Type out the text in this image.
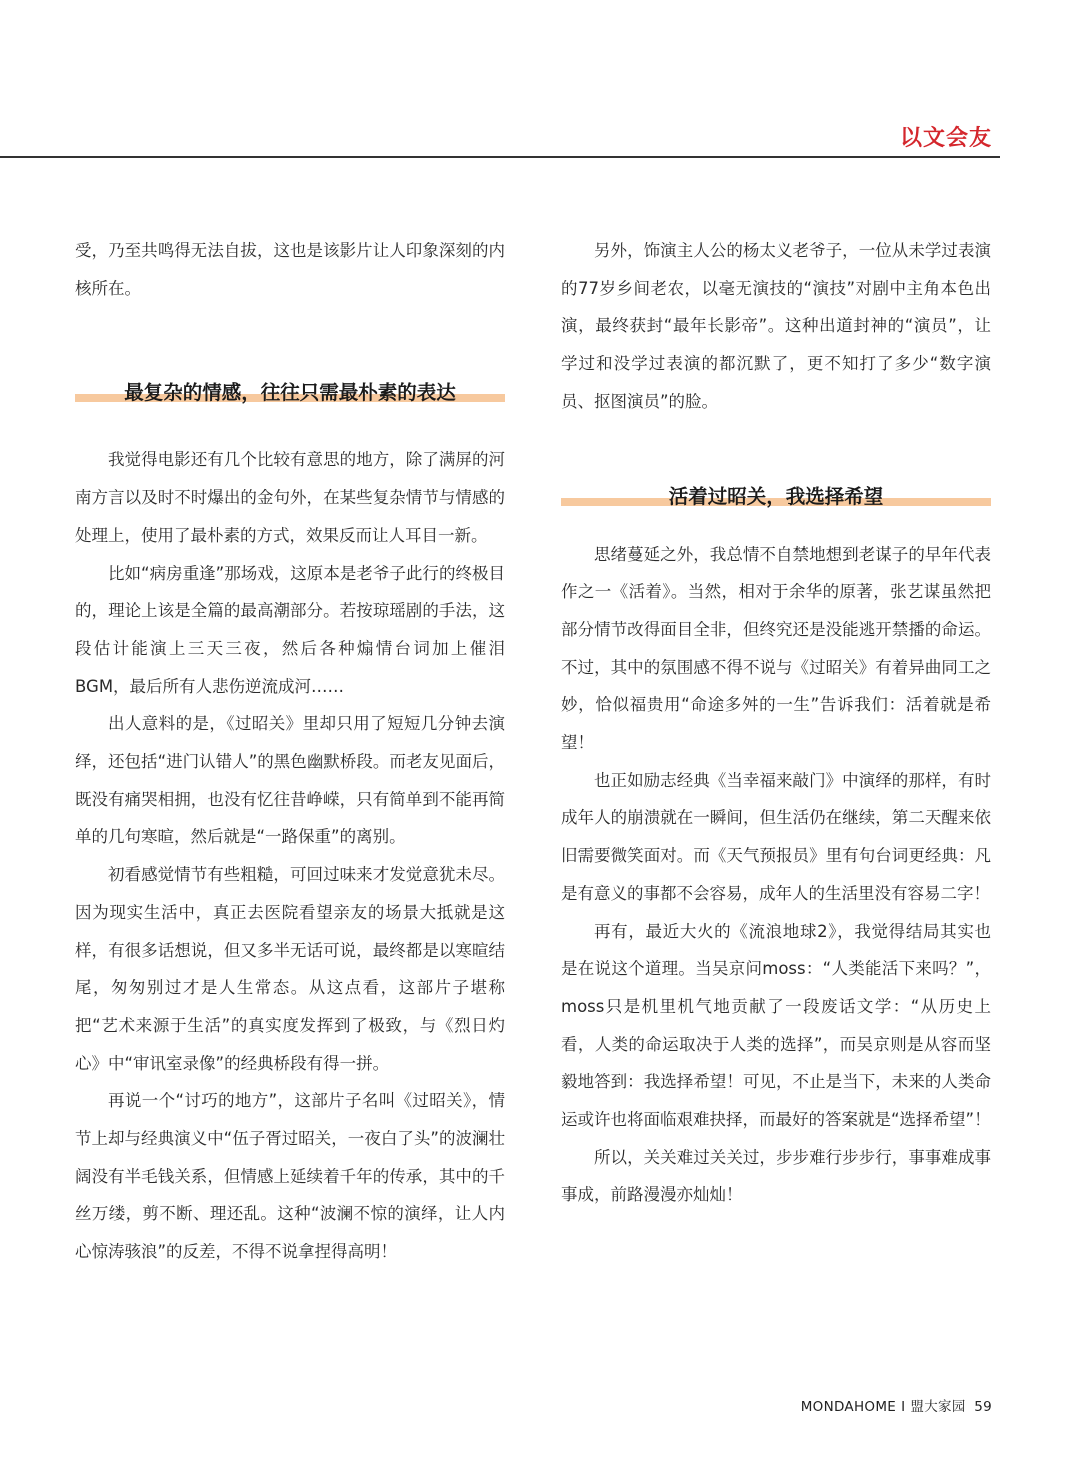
以文会友

受，乃至共鸣得无法自拔，这也是该影片让人印象深刻的内核所在。

最复杂的情感，往往只需最朴素的表达

我觉得电影还有几个比较有意思的地方，除了满屏的河南方言以及时不时爆出的金句外，在某些复杂情节与情感的处理上，使用了最朴素的方式，效果反而让人耳目一新。

比如“病房重逢”那场戏，这原本是老爷子此行的终极目的，理论上该是全篇的最高潮部分。若按琼瑶剧的手法，这段估计能演上三天三夜，然后各种煽情台词加上催泪BGM，最后所有人悲伤逆流成河……

出人意料的是，《过昭关》里却只用了短短几分钟去演绎，还包括“进门认错人”的黑色幽默桥段。而老友见面后，既没有痛哭相拥，也没有忆往昔峥嵘，只有简单到不能再简单的几句寒暄，然后就是“一路保重”的离别。

初看感觉情节有些粗糙，可回过味来才发觉意犹未尽。因为现实生活中，真正去医院看望亲友的场景大抵就是这样，有很多话想说，但又多半无话可说，最终都是以寒暄结尾，匆匆别过才是人生常态。从这点看，这部片子堪称把“艺术来源于生活”的真实度发挥到了极致，与《烈日灼心》中“审讯室录像”的经典桥段有得一拼。

再说一个“讨巧的地方”，这部片子名叫《过昭关》，情节上却与经典演义中“伍子胥过昭关，一夜白了头”的波澜壮阔没有半毛钱关系，但情感上延续着千年的传承，其中的千丝万缕，剪不断、理还乱。这种“波澜不惊的演绎，让人内心惊涛骇浪”的反差，不得不说拿捏得高明！

另外，饰演主人公的杨太义老爷子，一位从未学过表演的77岁乡间老农，以毫无演技的“演技”对剧中主角本色出演，最终获封“最年长影帝”。这种出道封神的“演员”，让学过和没学过表演的都沉默了，更不知打了多少“数字演员、抠图演员”的脸。

活着过昭关，我选择希望

思绪蔓延之外，我总情不自禁地想到老谋子的早年代表作之一《活着》。当然，相对于余华的原著，张艺谋虽然把部分情节改得面目全非，但终究还是没能逃开禁播的命运。不过，其中的氛围感不得不说与《过昭关》有着异曲同工之妙，恰似福贵用“命途多舛的一生”告诉我们：活着就是希望！

也正如励志经典《当幸福来敲门》中演绎的那样，有时成年人的崩溃就在一瞬间，但生活仍在继续，第二天醒来依旧需要微笑面对。而《天气预报员》里有句台词更经典：凡是有意义的事都不会容易，成年人的生活里没有容易二字！

再有，最近大火的《流浪地球2》，我觉得结局其实也是在说这个道理。当吴京问moss：“人类能活下来吗？”，moss只是机里机气地贡献了一段废话文学：“从历史上看，人类的命运取决于人类的选择”，而吴京则是从容而坚毅地答到：我选择希望！可见，不止是当下，未来的人类命运或许也将面临艰难抉择，而最好的答案就是“选择希望”！

所以，关关难过关关过，步步难行步步行，事事难成事事成，前路漫漫亦灿灿！

MONDAHOME I 盟大家园 59
